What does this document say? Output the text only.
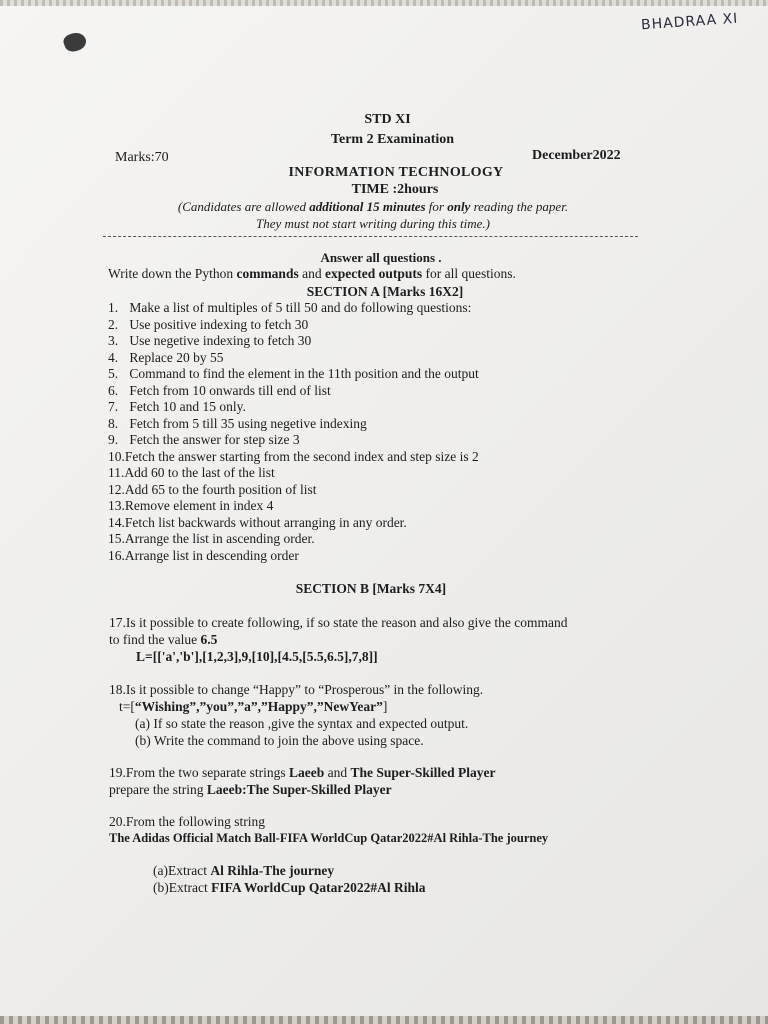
BHADRAA XI
STD XI
Term 2 Examination
Marks:70	December2022
INFORMATION TECHNOLOGY
TIME :2hours
(Candidates are allowed additional 15 minutes for only reading the paper.
They must not start writing during this time.)
Answer all questions .
Write down the Python commands and expected outputs for all questions.
SECTION A [Marks 16X2]
1. Make a list of multiples of 5 till 50 and do following questions:
2. Use positive indexing to fetch 30
3. Use negetive indexing to fetch 30
4. Replace 20 by 55
5. Command to find the element in the 11th position and the output
6. Fetch from 10 onwards till end of list
7. Fetch 10 and 15 only.
8. Fetch from 5 till 35 using negetive indexing
9. Fetch the answer for step size 3
10.Fetch the answer starting from the second index and step size is 2
11.Add 60 to the last of the list
12.Add 65 to the fourth position of list
13.Remove element in index 4
14.Fetch list backwards without arranging in any order.
15.Arrange the list in ascending order.
16.Arrange list in descending order
SECTION B [Marks 7X4]
17.Is it possible to create following, if so state the reason and also give the command
to find the value 6.5
L=[['a','b'],[1,2,3],9,[10],[4.5,[5.5,6.5],7,8]]
18.Is it possible to change “Happy” to “Prosperous” in the following.
t=[“Wishing”,”you”,”a”,”Happy”,”NewYear”]
(a) If so state the reason ,give the syntax and expected output.
(b) Write the command to join the above using space.
19.From the two separate strings Laeeb and The Super-Skilled Player
prepare the string Laeeb:The Super-Skilled Player
20.From the following string
The Adidas Official Match Ball-FIFA WorldCup Qatar2022#Al Rihla-The journey
(a)Extract Al Rihla-The journey
(b)Extract FIFA WorldCup Qatar2022#Al Rihla
